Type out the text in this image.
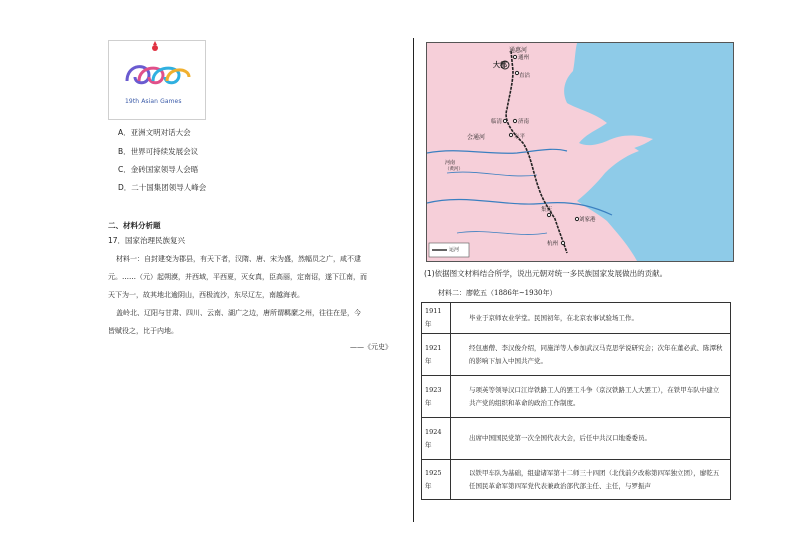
19th Asian Games
A．亚洲文明对话大会
B．世界可持续发展会议
C．金砖国家领导人会晤
D．二十国集团领导人峰会
二、材料分析题
17．国家治理民族复兴
材料一：自封建变为郡县，有天下者，汉隋、唐、宋为盛，然幅员之广，咸不逮
元。……（元）起朔漠，并西域，平西夏，灭女真，臣高丽，定南诏，遂下江南，而
天下为一，故其地北逾阴山，西极流沙，东尽辽左，南越海表。
盖岭北、辽阳与甘肃、四川、云南、湖广之边，唐所谓羁縻之州，往往在是，今
皆赋役之，比于内地。
——《元史》
通惠河
通州
大都
直沽
临清	济南
会通河	东平
河南
（黄河）
集庆
刘家港
杭州
运河
(1)依据图文材料结合所学，说出元朝对统一多民族国家发展做出的贡献。
材料二：廖乾五（1886年~1930年）
1911年	毕业于京师农业学堂。民国初年，在北京农事试验场工作。
1921年	经包惠僧、李汉俊介绍，同施洋等人参加武汉马克思学说研究会；次年在董必武、陈潭秋的影响下加入中国共产党。
1923年	与项英等领导汉口江岸铁路工人的罢工斗争（京汉铁路工人大罢工），在铁甲车队中建立共产党的组织和革命的政治工作制度。
1924年	出席中国国民党第一次全国代表大会，后任中共汉口地委委员。
1925年	以铁甲车队为基础，组建诸军第十二师三十四团（北伐前夕改称第四军独立团），廖乾五任国民革命军第四军党代表兼政治部代部主任、主任，与罗振声
